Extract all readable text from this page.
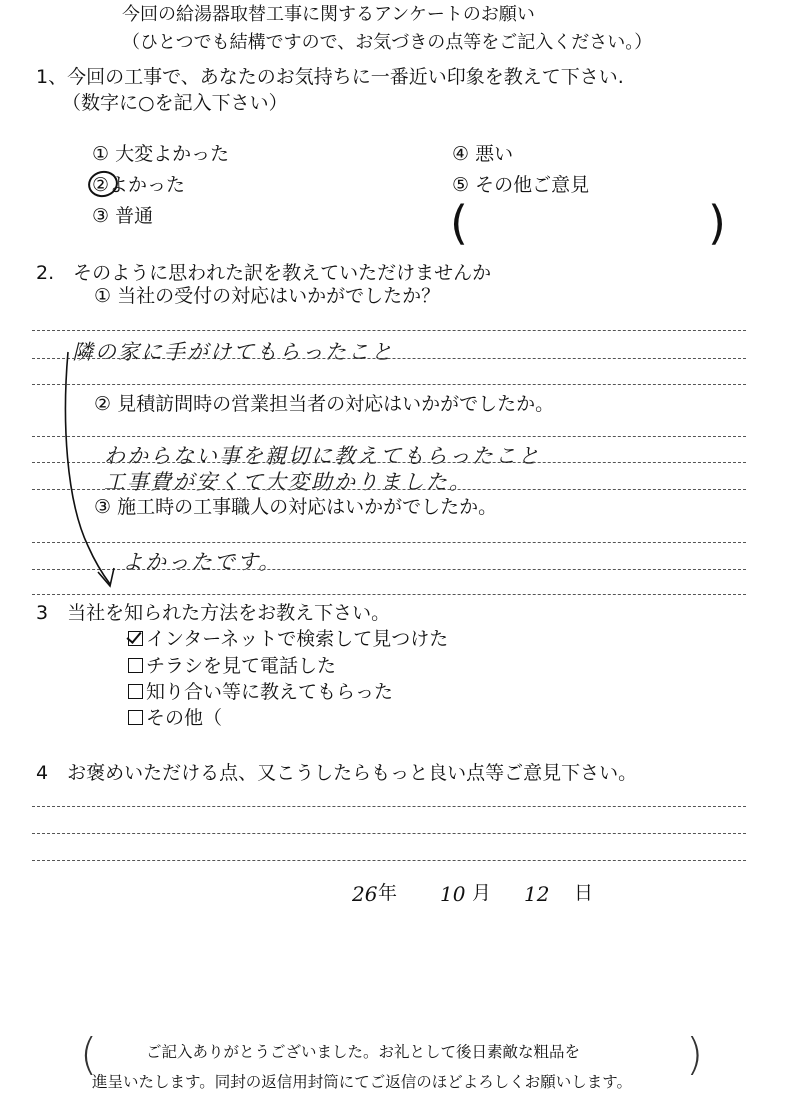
今回の給湯器取替工事に関するアンケートのお願い
（ひとつでも結構ですので、お気づきの点等をご記入ください。）
1、今回の工事で、あなたのお気持ちに一番近い印象を教えて下さい.
（数字に○を記入下さい）
① 大変よかった
②よかった
③ 普通
④ 悪い
⑤ その他ご意見
(	)
2.　そのように思われた訳を教えていただけませんか
① 当社の受付の対応はいかがでしたか？
隣の家に手がけてもらったこと
② 見積訪問時の営業担当者の対応はいかがでしたか。
わからない事を親切に教えてもらったこと
工事費が安くて大変助かりました。
③ 施工時の工事職人の対応はいかがでしたか。
よかったです。
3　当社を知られた方法をお教え下さい。
インターネットで検索して見つけた
チラシを見て電話した
知り合い等に教えてもらった
その他（
4　お褒めいただける点、又こうしたらもっと良い点等ご意見下さい。
26 年 10 月 12 日
(	)
ご記入ありがとうございました。お礼として後日素敵な粗品を
進呈いたします。同封の返信用封筒にてご返信のほどよろしくお願いします。
